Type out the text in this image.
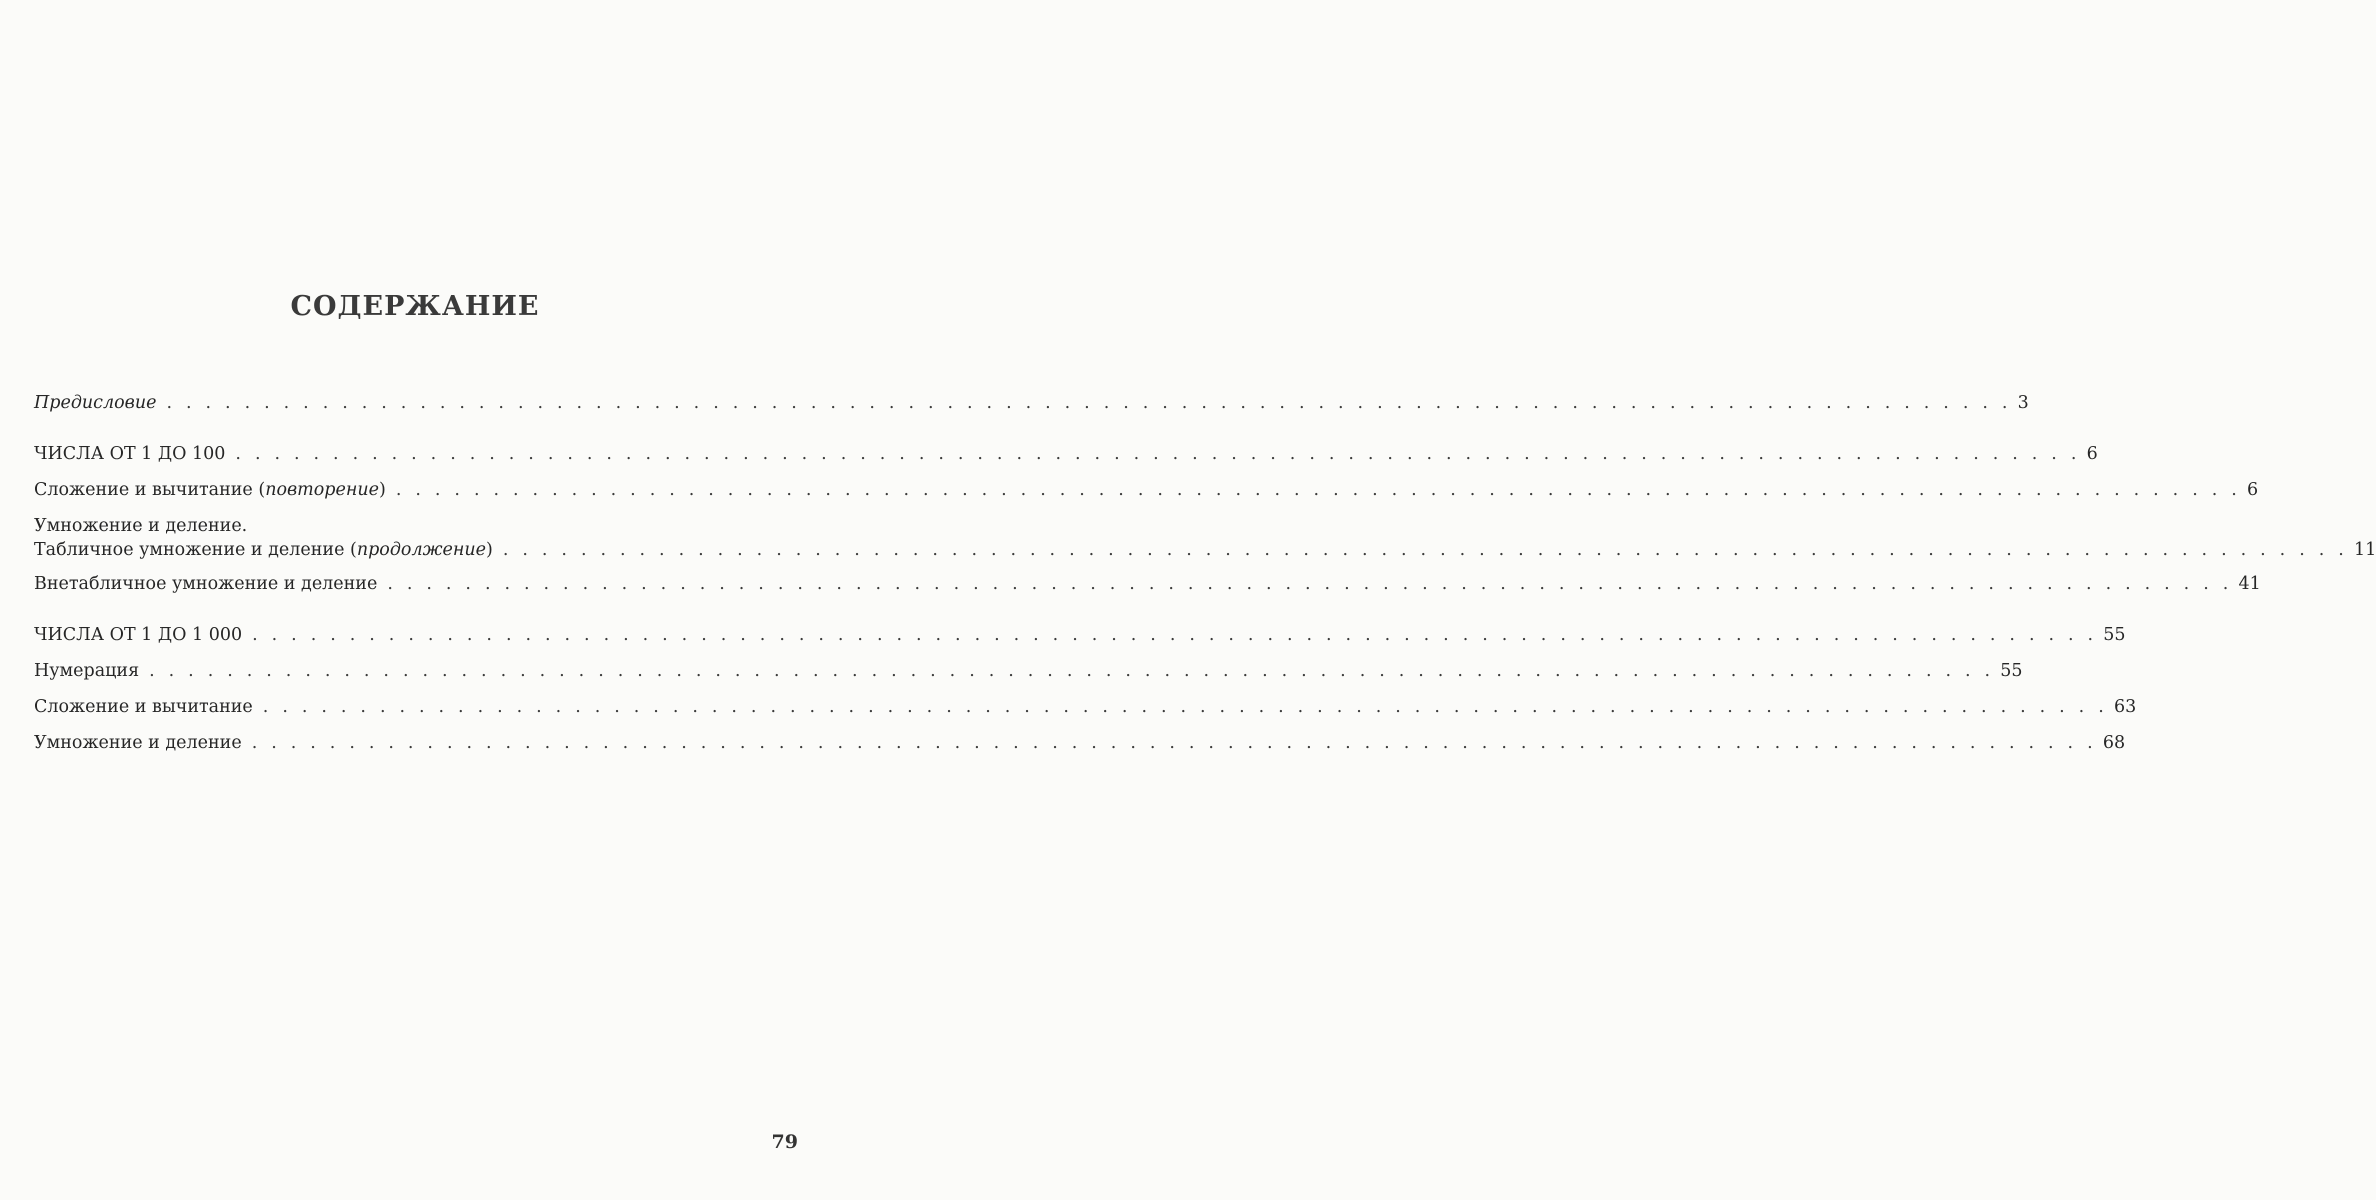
СОДЕРЖАНИЕ
Предисловие . . . . . . . . . . . . . . . . . . . . . . . . . . . . . . . . . . . . . . . . . . . . . . . . . . . . . . . . . . . . . . . . . . . . . . . . . . . . . . . . . . . . . . . . . . . . . . . 3
ЧИСЛА ОТ 1 ДО 100 . . . . . . . . . . . . . . . . . . . . . . . . . . . . . . . . . . . . . . . . . . . . . . . . . . . . . . . . . . . . . . . . . . . . . . . . . . . . . . . . . . . . . . . . . . . . . . . 6
Сложение и вычитание (повторение) . . . . . . . . . . . . . . . . . . . . . . . . . . . . . . . . . . . . . . . . . . . . . . . . . . . . . . . . . . . . . . . . . . . . . . . . . . . . . . . . . . . . . . . . . . . . . . . 6
Умножение и деление.
Табличное умножение и деление (продолжение) . . . . . . . . . . . . . . . . . . . . . . . . . . . . . . . . . . . . . . . . . . . . . . . . . . . . . . . . . . . . . . . . . . . . . . . . . . . . . . . . . . . . . . . . . . . . . . . 11
Внетабличное умножение и деление . . . . . . . . . . . . . . . . . . . . . . . . . . . . . . . . . . . . . . . . . . . . . . . . . . . . . . . . . . . . . . . . . . . . . . . . . . . . . . . . . . . . . . . . . . . . . . . 41
ЧИСЛА ОТ 1 ДО 1 000 . . . . . . . . . . . . . . . . . . . . . . . . . . . . . . . . . . . . . . . . . . . . . . . . . . . . . . . . . . . . . . . . . . . . . . . . . . . . . . . . . . . . . . . . . . . . . . . 55
Нумерация . . . . . . . . . . . . . . . . . . . . . . . . . . . . . . . . . . . . . . . . . . . . . . . . . . . . . . . . . . . . . . . . . . . . . . . . . . . . . . . . . . . . . . . . . . . . . . . 55
Сложение и вычитание . . . . . . . . . . . . . . . . . . . . . . . . . . . . . . . . . . . . . . . . . . . . . . . . . . . . . . . . . . . . . . . . . . . . . . . . . . . . . . . . . . . . . . . . . . . . . . . 63
Умножение и деление . . . . . . . . . . . . . . . . . . . . . . . . . . . . . . . . . . . . . . . . . . . . . . . . . . . . . . . . . . . . . . . . . . . . . . . . . . . . . . . . . . . . . . . . . . . . . . . 68
79
